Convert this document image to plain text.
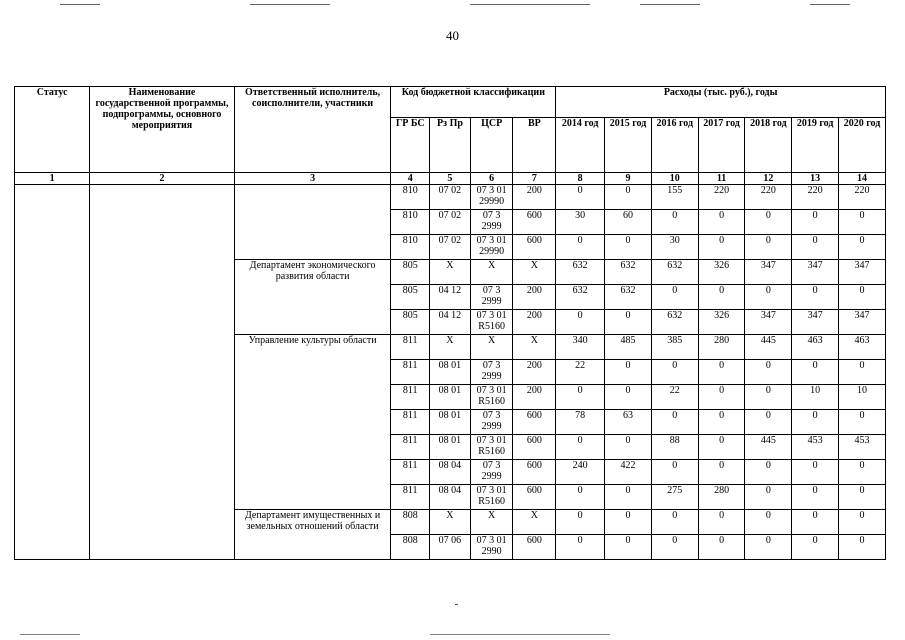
40
Статус	Наименование государственной программы, подпрограммы, основного мероприятия	Ответственный исполнитель, соисполнители, участники	Код бюджетной классификации				Расходы (тыс. руб.), годы						
			ГР БС	Рз Пр	ЦСР	ВР	2014 год	2015 год	2016 год	2017 год	2018 год	2019 год	2020 год
1	2	3	4	5	6	7	8	9	10	11	12	13	14
			810	07 02	07 3 01 29990	200	0	0	155	220	220	220	220
			810	07 02	07 3 2999	600	30	60	0	0	0	0	0
			810	07 02	07 3 01 29990	600	0	0	30	0	0	0	0
		Департамент экономического развития области	805	Х	Х	Х	632	632	632	326	347	347	347
			805	04 12	07 3 2999	200	632	632	0	0	0	0	0
			805	04 12	07 3 01 R5160	200	0	0	632	326	347	347	347
		Управление культуры области	811	Х	Х	Х	340	485	385	280	445	463	463
			811	08 01	07 3 2999	200	22	0	0	0	0	0	0
			811	08 01	07 3 01 R5160	200	0	0	22	0	0	10	10
			811	08 01	07 3 2999	600	78	63	0	0	0	0	0
			811	08 01	07 3 01 R5160	600	0	0	88	0	445	453	453
			811	08 04	07 3 2999	600	240	422	0	0	0	0	0
			811	08 04	07 3 01 R5160	600	0	0	275	280	0	0	0
		Департамент имущественных и земельных отношений области	808	Х	Х	Х	0	0	0	0	0	0	0
			808	07 06	07 3 01 2990	600	0	0	0	0	0	0	0
